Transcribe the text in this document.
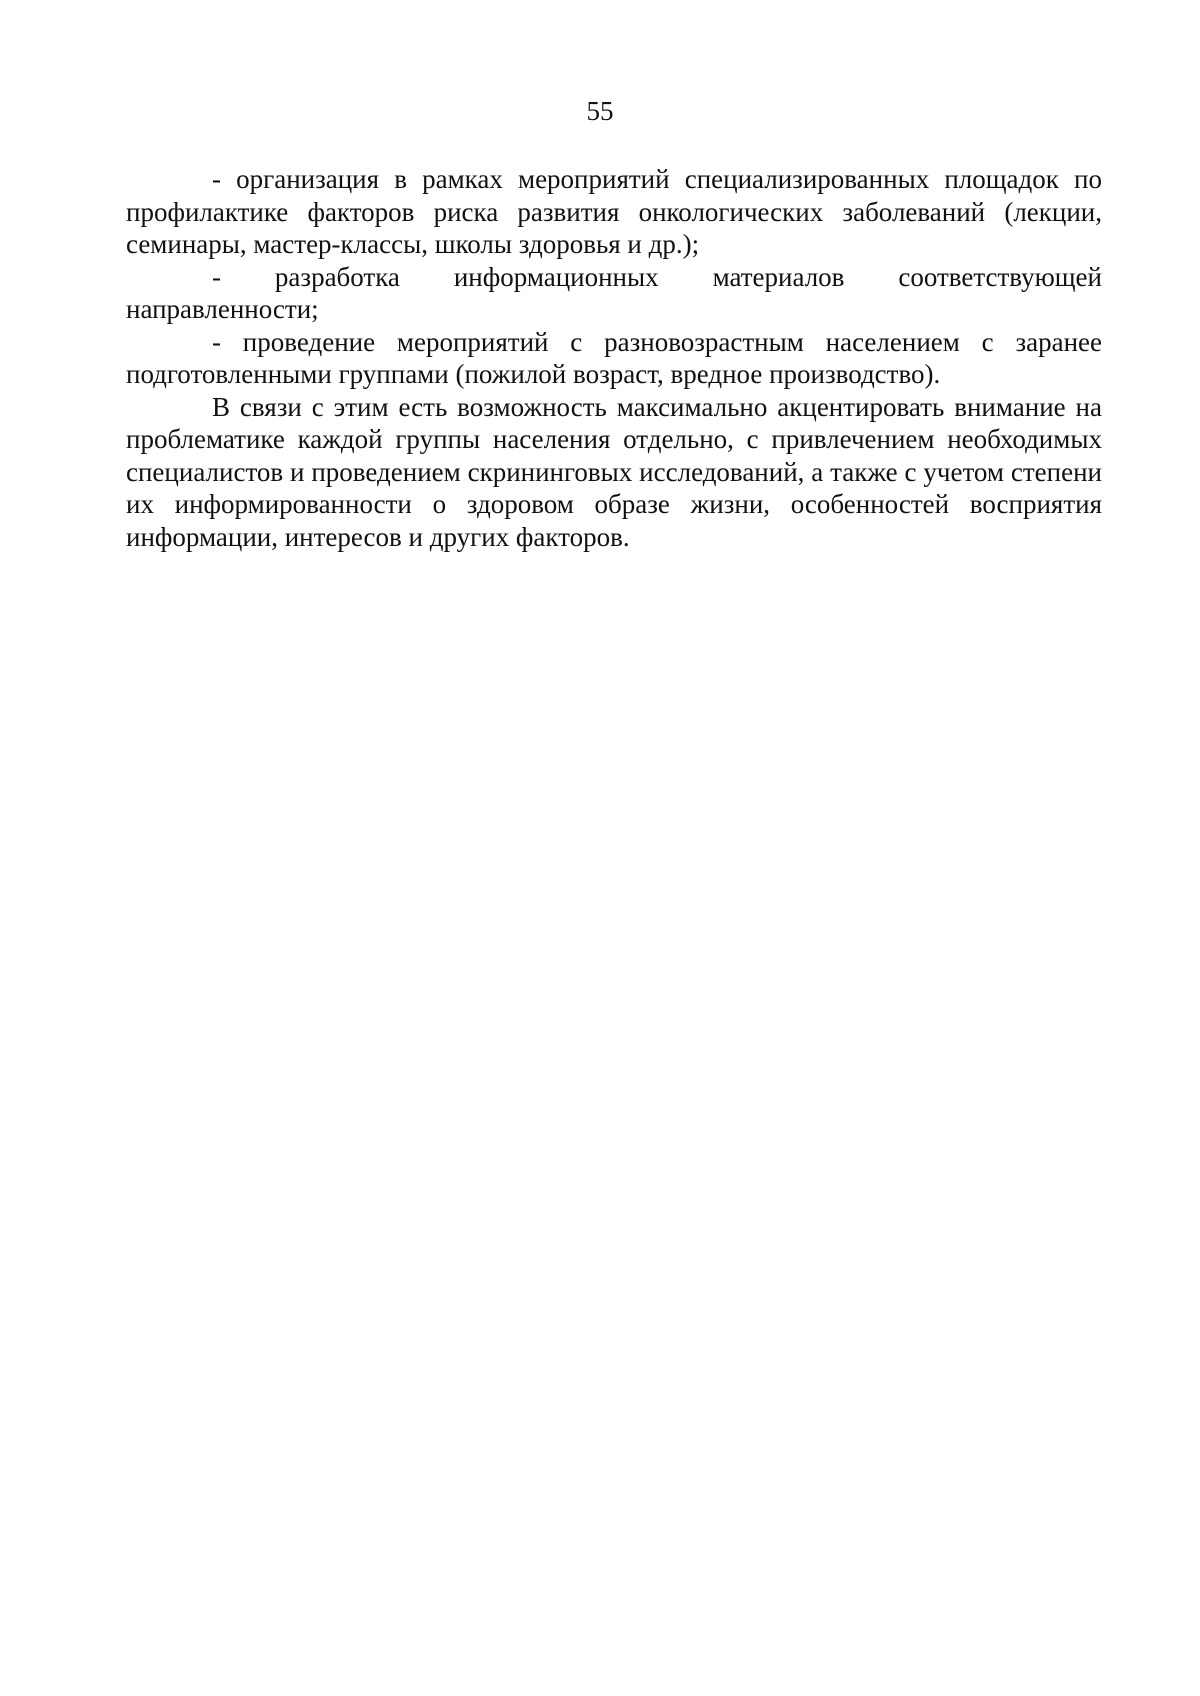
55

- организация в рамках мероприятий специализированных площадок по профилактике факторов риска развития онкологических заболеваний (лекции, семинары, мастер-классы, школы здоровья и др.);

- разработка информационных материалов соответствующей
направленности;

- проведение мероприятий с разновозрастным населением с заранее подготовленными группами (пожилой возраст, вредное производство).

В связи с этим есть возможность максимально акцентировать внимание на проблематике каждой группы населения отдельно, с привлечением необходимых специалистов и проведением скрининговых исследований, а также с учетом степени их информированности о здоровом образе жизни, особенностей восприятия информации, интересов и других факторов.
